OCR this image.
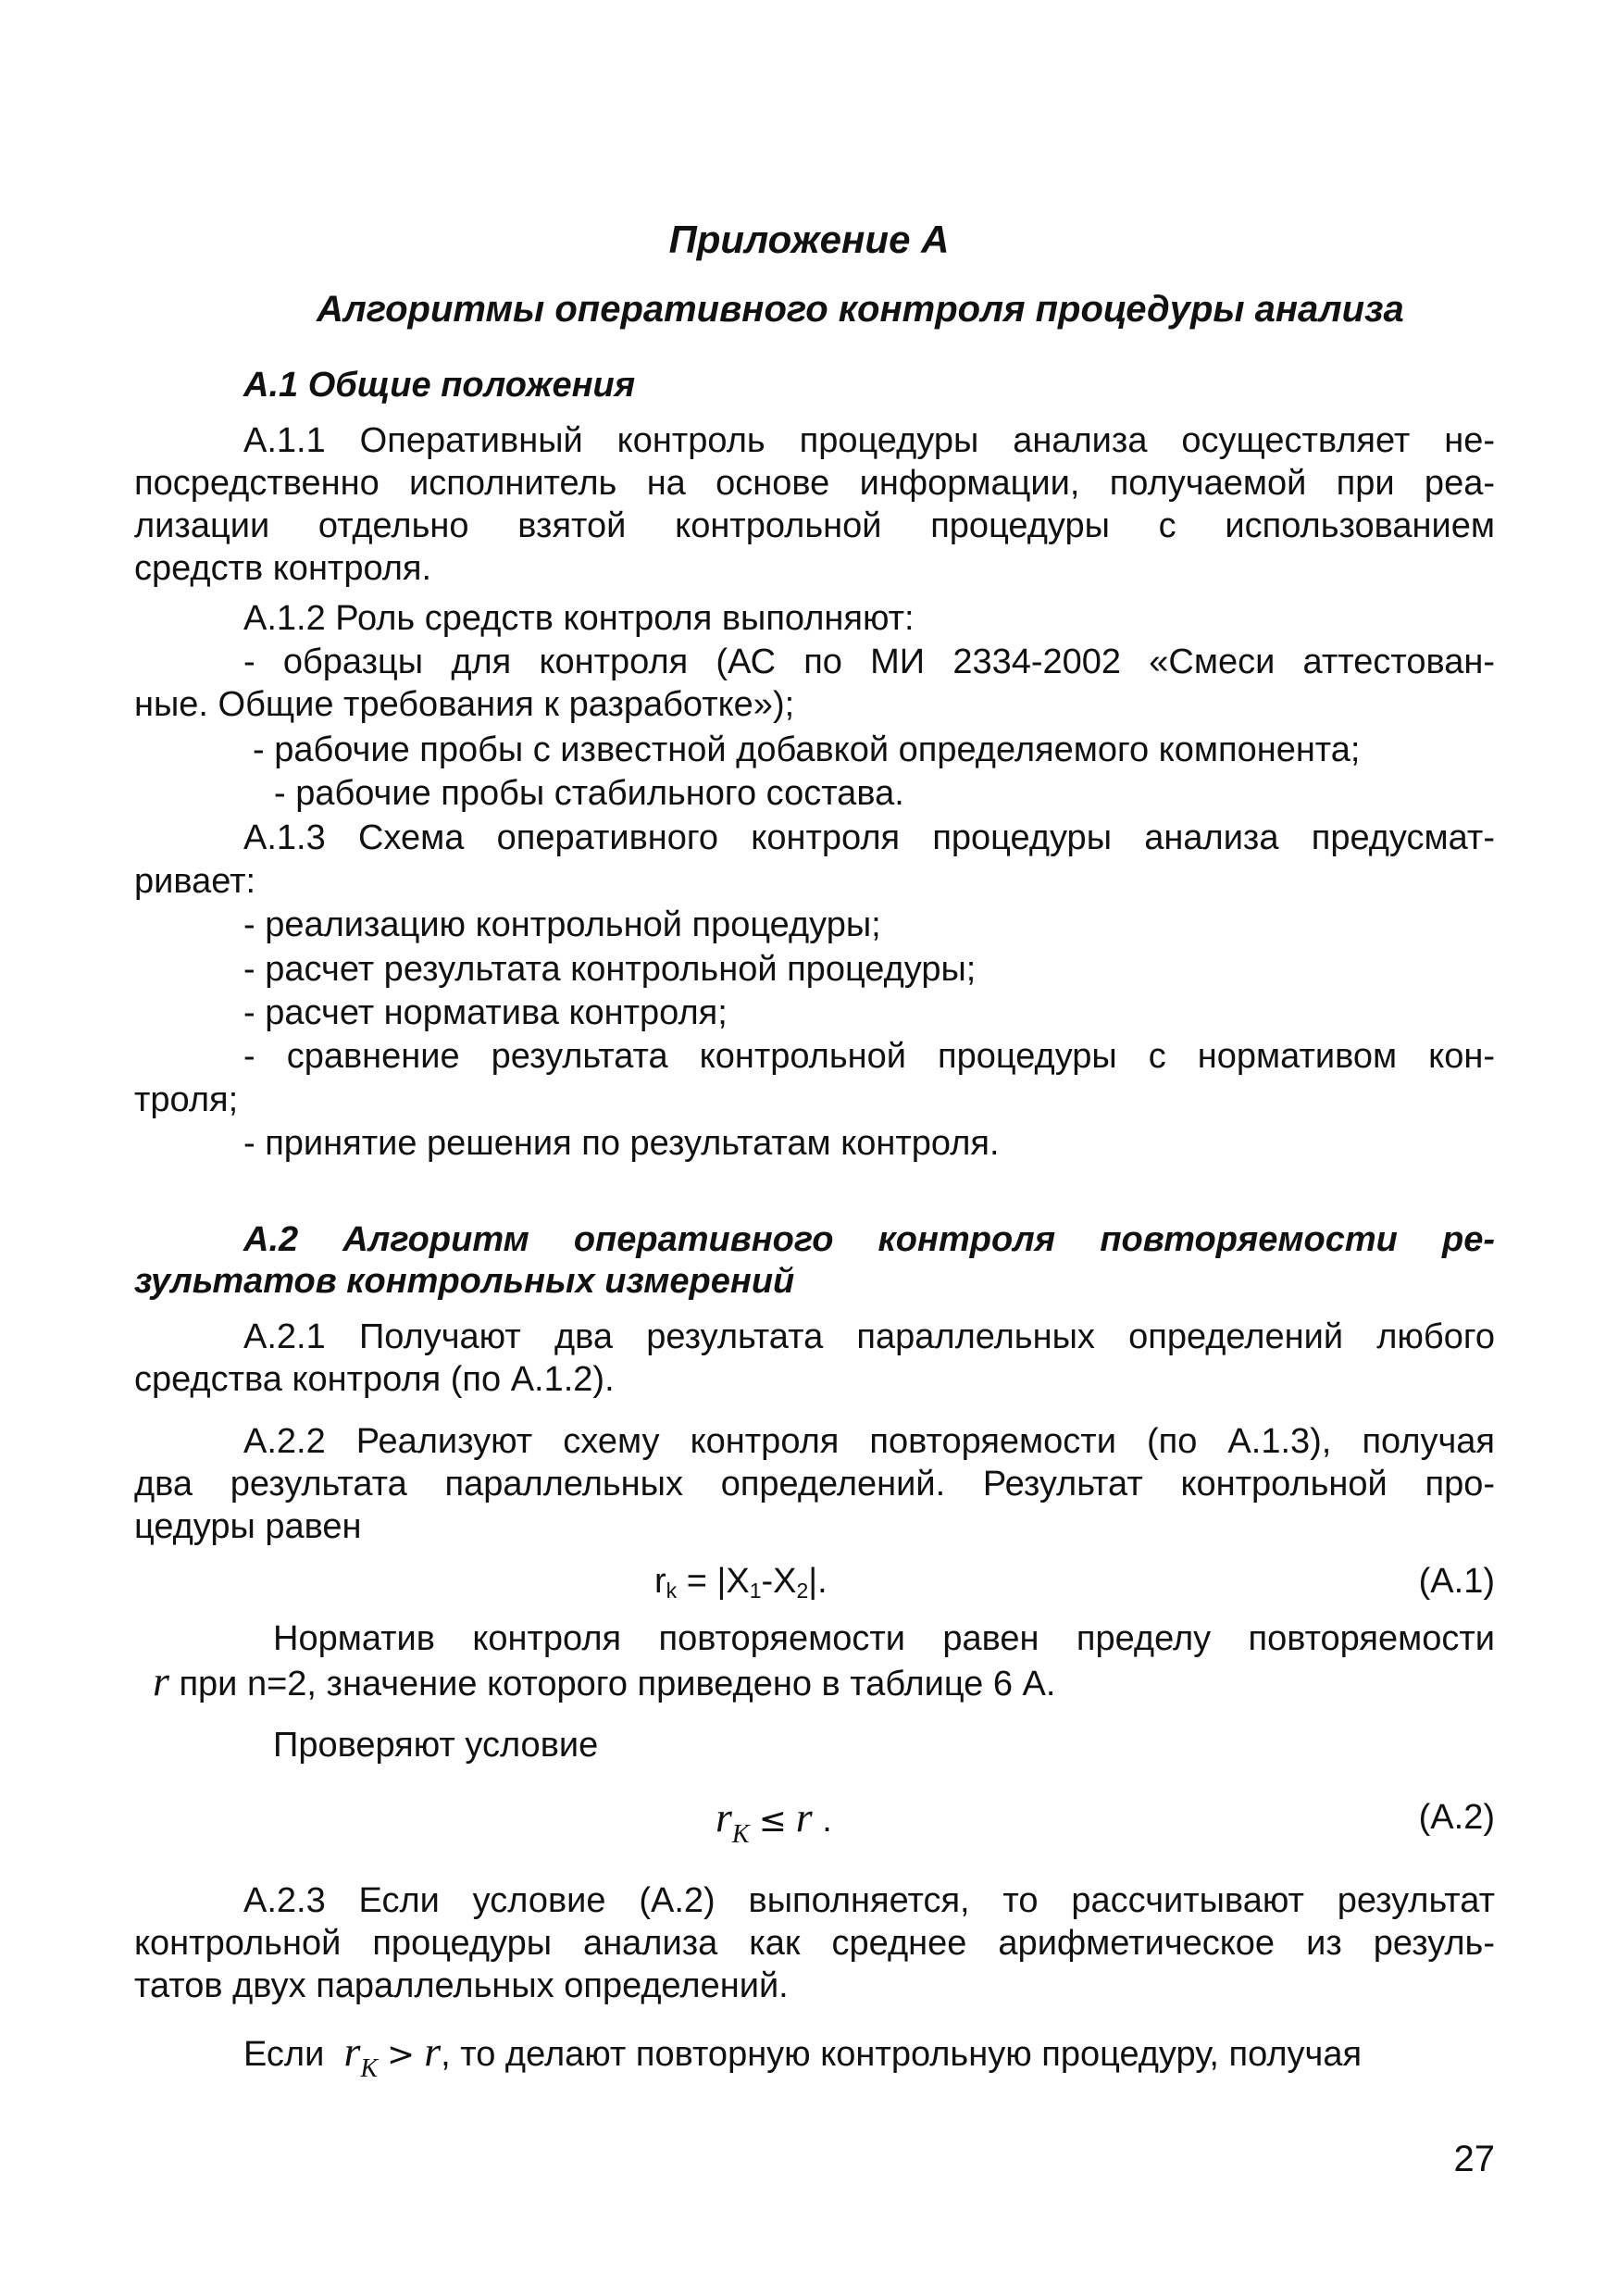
Приложение А

Алгоритмы оперативного контроля процедуры анализа

А.1 Общие положения

А.1.1 Оперативный контроль процедуры анализа осуществляет не-

посредственно исполнитель на основе информации, получаемой при реа-

лизации отдельно взятой контрольной процедуры с использованием

средств контроля.

А.1.2 Роль средств контроля выполняют:

- образцы для контроля (АС по МИ 2334-2002 «Смеси аттестован-

ные. Общие требования к разработке»);

- рабочие пробы с известной добавкой определяемого компонента;

- рабочие пробы стабильного состава.

А.1.3 Схема оперативного контроля процедуры анализа предусмат-

ривает:

- реализацию контрольной процедуры;

- расчет результата контрольной процедуры;

- расчет норматива контроля;

- сравнение результата контрольной процедуры с нормативом кон-

троля;

- принятие решения по результатам контроля.

А.2 Алгоритм оперативного контроля повторяемости ре-

зультатов контрольных измерений

А.2.1 Получают два результата параллельных определений любого

средства контроля (по А.1.2).

А.2.2 Реализуют схему контроля повторяемости (по А.1.3), получая

два результата параллельных определений. Результат контрольной про-

цедуры равен

$r_k = |X_1-X_2|$.	(А.1)

Норматив контроля повторяемости равен пределу повторяемости

r при n=2, значение которого приведено в таблице 6 А.

Проверяют условие

$r_K \le r$ .	(А.2)

А.2.3 Если условие (А.2) выполняется, то рассчитывают результат

контрольной процедуры анализа как среднее арифметическое из резуль-

татов двух параллельных определений.

Если $r_K > r$, то делают повторную контрольную процедуру, получая

27
